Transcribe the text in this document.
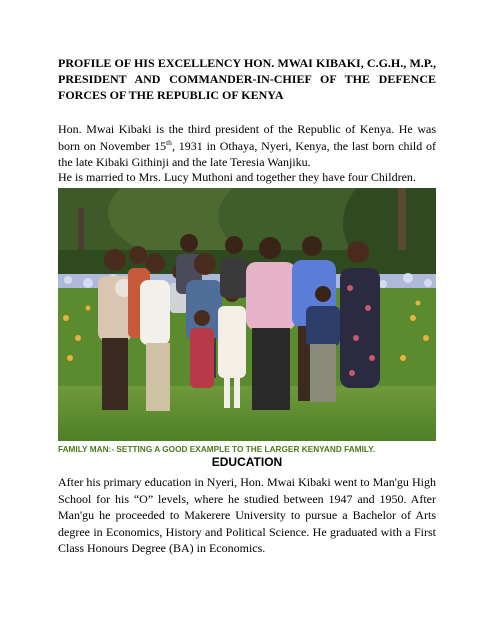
PROFILE OF HIS EXCELLENCY HON. MWAI KIBAKI, C.G.H., M.P., PRESIDENT AND COMMANDER-IN-CHIEF OF THE DEFENCE FORCES OF THE REPUBLIC OF KENYA

Hon. Mwai Kibaki is the third president of the Republic of Kenya. He was born on November 15th, 1931 in Othaya, Nyeri, Kenya, the last born child of the late Kibaki Githinji and the late Teresia Wanjiku.

He is married to Mrs. Lucy Muthoni and together they have four Children.

FAMILY MAN:- SETTING A GOOD EXAMPLE TO THE LARGER KENYAND FAMILY.
EDUCATION

After his primary education in Nyeri, Hon. Mwai Kibaki went to Man'gu High School for his “O” levels, where he studied between 1947 and 1950. After Man'gu he proceeded to Makerere University to pursue a Bachelor of Arts degree in Economics, History and Political Science. He graduated with a First Class Honours Degree (BA) in Economics.
